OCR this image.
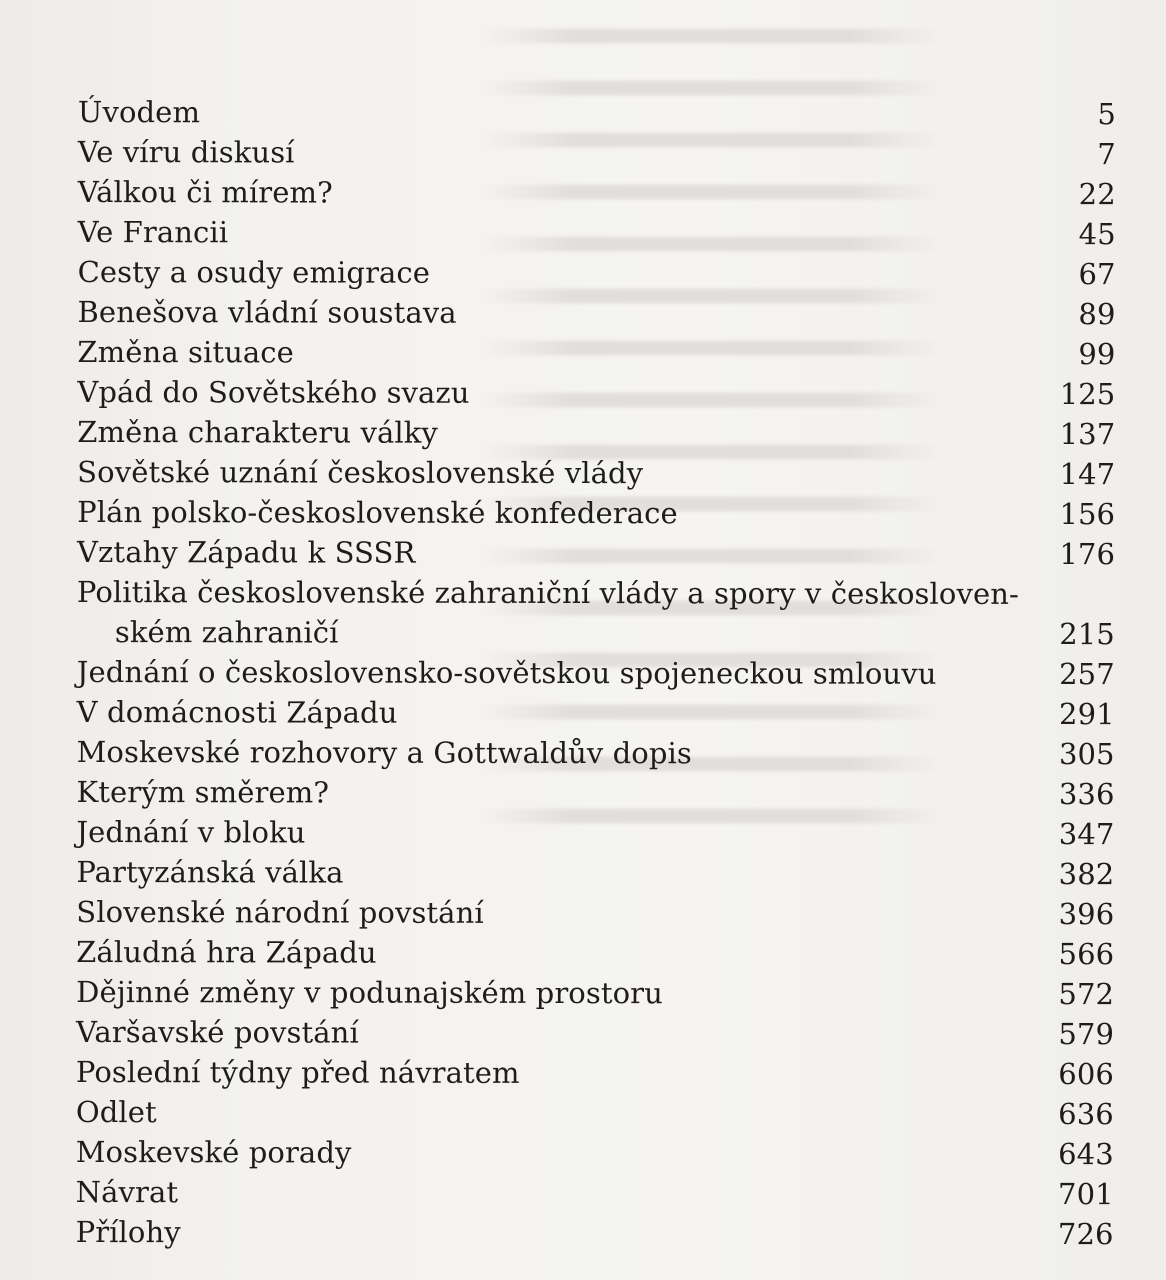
Úvodem	5
Ve víru diskusí	7
Válkou či mírem?	22
Ve Francii	45
Cesty a osudy emigrace	67
Benešova vládní soustava	89
Změna situace	99
Vpád do Sovětského svazu	125
Změna charakteru války	137
Sovětské uznání československé vlády	147
Plán polsko-československé konfederace	156
Vztahy Západu k SSSR	176
Politika československé zahraniční vlády a spory v českosloven-
ském zahraničí	215
Jednání o československo-sovětskou spojeneckou smlouvu	257
V domácnosti Západu	291
Moskevské rozhovory a Gottwaldův dopis	305
Kterým směrem?	336
Jednání v bloku	347
Partyzánská válka	382
Slovenské národní povstání	396
Záludná hra Západu	566
Dějinné změny v podunajském prostoru	572
Varšavské povstání	579
Poslední týdny před návratem	606
Odlet	636
Moskevské porady	643
Návrat	701
Přílohy	726
